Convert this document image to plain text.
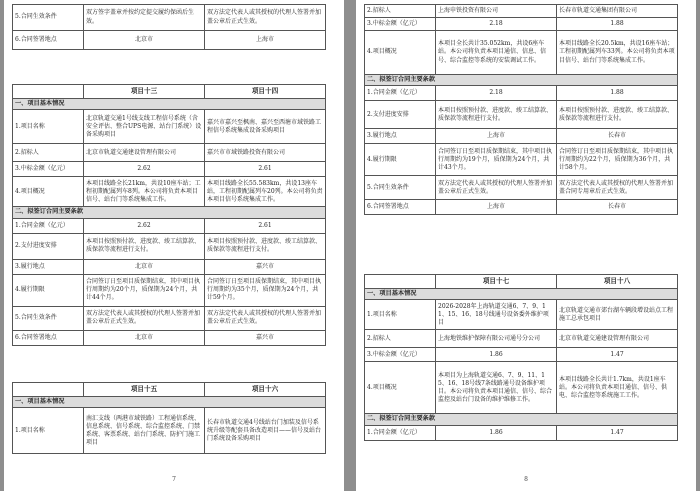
5.合同生效条件	双方签字盖章并按约定提交履约保函后生效。	双方法定代表人或其授权的代理人签署并加盖公章后正式生效。
6.合同签署地点	北京市	上海市
	项目十三	项目十四
一、项目基本情况		
1.项目名称	北京轨道交通1号线支线工程信号系统（含安全评估、整合UPS电源、站台门系统）设备采购项目	嘉兴市嘉兴至枫南、嘉兴至西塘市域铁路工程信号系统集成设备采购项目
2.招标人	北京市轨道交通建设管理有限公司	嘉兴市市域铁路投资有限公司
3.中标金额（亿元）	2.62	2.61
4.项目概况	本项目线路全长21km，共设10座车站；工程初期配属列车8列。本公司将负责本项目信号、站台门等系统集成工作。	本项目线路全长55.583km，共设13座车站，工程初期配属列车20列。本公司将负责本项目信号系统集成工作。
二、拟签订合同主要条款		
1.合同金额（亿元）	2.62	2.61
2.支付进度安排	本项目按照预付款、进度款、竣工结算款、质保款等流程进行支付。	本项目按照预付款、进度款、竣工结算款、质保款等流程进行支付。
3.履行地点	北京市	嘉兴市
4.履行期限	合同签订日至项目质保期结束，其中项目执行周期约为20个月，质保期为24个月，共计44个月。	合同签订日至项目质保期结束，其中项目执行周期约为35个月，质保期为24个月，共计59个月。
5.合同生效条件	双方法定代表人或其授权的代理人签署并加盖公章后正式生效。	双方法定代表人或其授权的代理人签署并加盖公章后正式生效。
6.合同签署地点	北京市	嘉兴市
	项目十五	项目十六
一、项目基本情况		
1.项目名称	南汇支线（两港市域铁路）工程通信系统、信息系统、信号系统、综合监控系统、门禁系统、客票系统、站台门系统、防护门施工项目	长春市轨道交通4号线站台门加装及信号系统升级等配套具备改造项目——信号及站台门系统设备采购项目
7
2.招标人	上海申铁投资有限公司	长春市轨道交通集团有限公司
3.中标金额（亿元）	2.18	1.88
4.项目概况	本项目全长共计35.052km，共设6座车站。本公司将负责本项目通信、信息、信号、综合监控等系统的安装调试工作。	本项目线路全长20.5km，共设16座车站；工程初期配属列车33列。本公司将负责本项目信号、站台门等系统集成工作。
二、拟签订合同主要条款		
1.合同金额（亿元）	2.18	1.88
2.支付进度安排	本项目按照预付款、进度款、竣工结算款、质保款等流程进行支付。	本项目按照预付款、进度款、竣工结算款、质保款等流程进行支付。
3.履行地点	上海市	长春市
4.履行期限	合同签订日至项目质保期结束，其中项目执行周期约为19个月，质保期为24个月，共计43个月。	合同签订日至项目质保期结束，其中项目执行周期约为22个月，质保期为36个月，共计58个月。
5.合同生效条件	双方法定代表人或其授权的代理人签署并加盖公章后正式生效。	双方法定代表人或其授权的代理人签署并加盖合同专用章后正式生效。
6.合同签署地点	上海市	长春市
	项目十七	项目十八
一、项目基本情况		
1.项目名称	2026-2028年上海轨道交通6、7、9、11、15、16、18号线通号设备委外维护项目	北京轨道交通市郊台湖车辆段增设站点工程施工总承包项目
2.招标人	上海地铁维护保障有限公司通号分公司	北京市轨道交通建设管理有限公司
3.中标金额（亿元）	1.86	1.47
4.项目概况	本项目为上海轨道交通6、7、9、11、15、16、18号线7条线路通号设备维护项目。本公司将负责本项目通信、信号、综合监控及站台门设备的维护维修工作。	本项目线路全长共计1.7km，共设1座车站。本公司将负责本项目通信、信号、供电、综合监控等系统施工工作。
二、拟签订合同主要条款		
1.合同金额（亿元）	1.86	1.47
8
